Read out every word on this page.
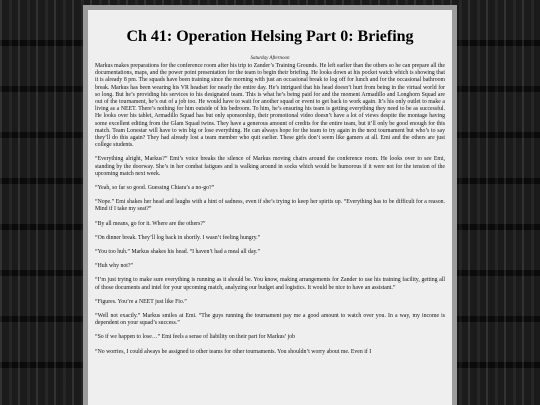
Ch 41: Operation Helsing Part 0: Briefing
Saturday Afternoon

Markus makes preparations for the conference room after his trip to Zander’s Training Grounds. He left earlier than the others so he can prepare all the documentations, maps, and the power point presentation for the team to begin their briefing. He looks down at his pocket watch which is showing that it is already 8 pm. The squads have been training since the morning with just an occasional break to log off for lunch and for the occasional bathroom break. Markus has been wearing his VR headset for nearly the entire day. He’s intrigued that his head doesn’t hurt from being in the virtual world for so long. But he’s providing his services to his designated team. This is what he’s being paid for and the moment Armadillo and Longhorn Squad are out of the tournament, he’s out of a job too. He would have to wait for another squad or event to get back to work again. It’s his only outlet to make a living as a NEET. There’s nothing for him outside of his bedroom. To him, he’s ensuring his team is getting everything they need to be as successful. He looks over his tablet, Armadillo Squad has but only sponsorship, their promotional video doesn’t have a lot of views despite the montage having some excellent editing from the Glam Squad twins. They have a generous amount of credits for the entire team, but it’ll only be good enough for this match. Team Lonestar will have to win big or lose everything. He can always hope for the team to try again in the next tournament but who’s to say they’ll do this again? They had already lost a team member who quit earlier. These girls don’t seem like gamers at all. Emi and the others are just college students.

“Everything alright, Markus?” Emi’s voice breaks the silence of Markus moving chairs around the conference room. He looks over to see Emi, standing by the doorway. She’s in her combat fatigues and is walking around in socks which would be humorous if it were not for the tension of the upcoming match next week.

“Yeah, so far so good. Guessing Chiara’s a no-go?”

“Nope.” Emi shakes her head and laughs with a hint of sadness, even if she’s trying to keep her spirits up. “Everything has to be difficult for a reason. Mind if I take my seat?”

“By all means, go for it. Where are the others?”

“On dinner break. They’ll log back in shortly. I wasn’t feeling hungry.”

“You too huh.” Markus shakes his head. “I haven’t had a meal all day.”

“Huh why not?”

“I’m just trying to make sure everything is running as it should be. You know, making arrangements for Zander to use his training facility, getting all of those documents and intel for your upcoming match, analyzing our budget and logistics. It would be nice to have an assistant.”

“Figures. You’re a NEET just like Fio.”

“Well not exactly.” Markus smiles at Emi. “The guys running the tournament pay me a good amount to watch over you. In a way, my income is dependent on your squad’s success.”

“So if we happen to lose…” Emi feels a sense of liability on their part for Markus’ job

“No worries, I could always be assigned to other teams for other tournaments. You shouldn’t worry about me. Even if I
